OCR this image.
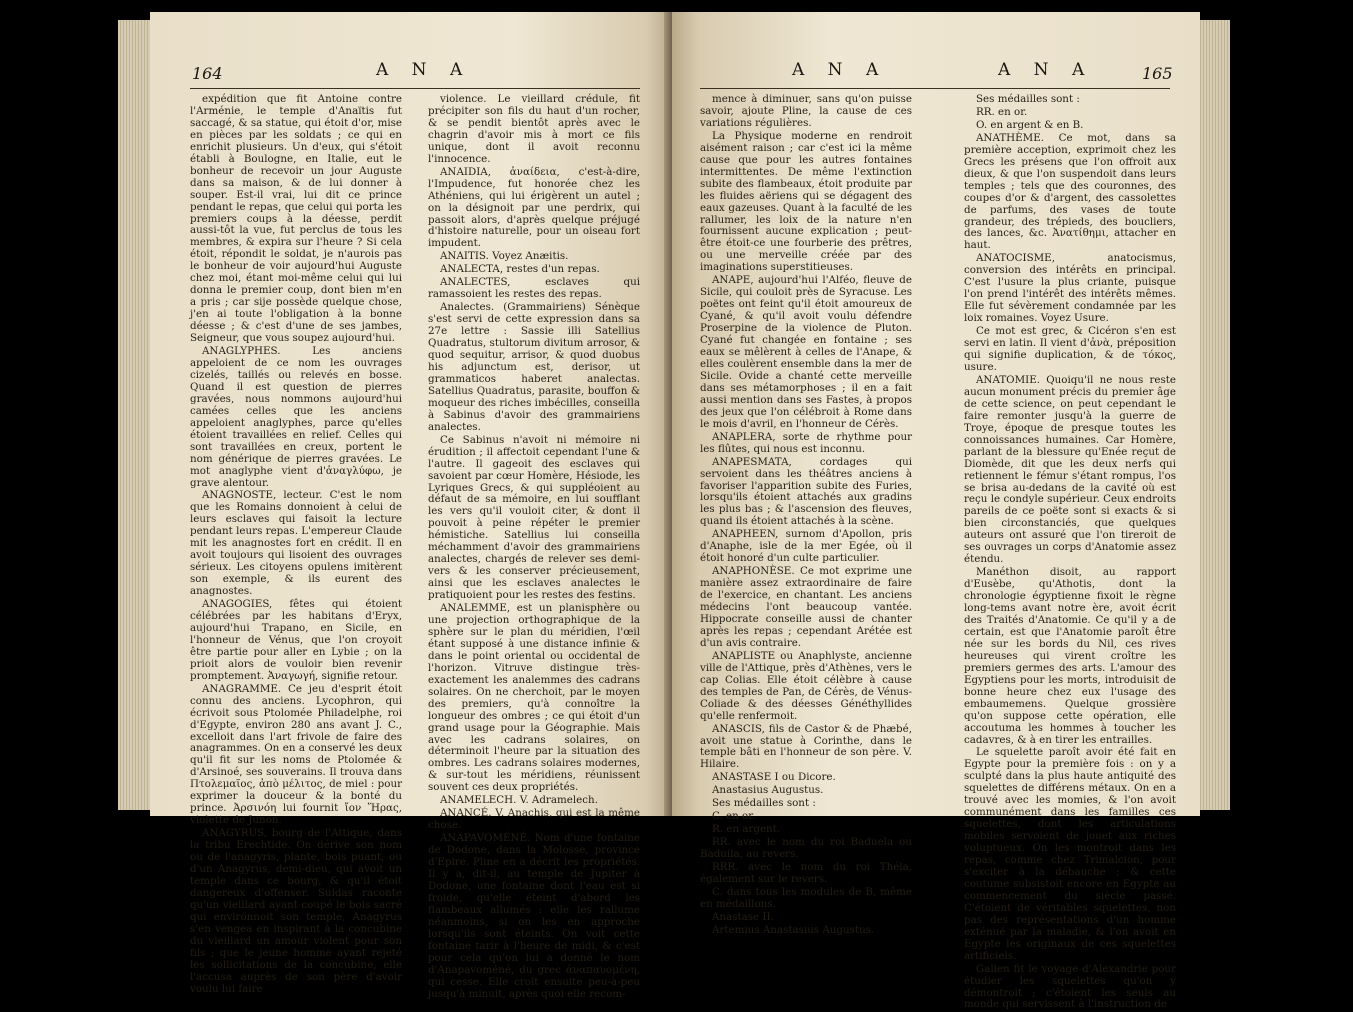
164	A N A

expédition que fit Antoine contre l'Arménie, le temple d'Anaïtis fut saccagé, & sa statue, qui étoit d'or, mise en pièces par les soldats ; ce qui en enrichit plusieurs. Un d'eux, qui s'étoit établi à Boulogne, en Italie, eut le bonheur de recevoir un jour Auguste dans sa maison, & de lui donner à souper. Est-il vrai, lui dit ce prince pendant le repas, que celui qui porta les premiers coups à la déesse, perdit aussi-tôt la vue, fut perclus de tous les membres, & expira sur l'heure ? Si cela étoit, répondit le soldat, je n'aurois pas le bonheur de voir aujourd'hui Auguste chez moi, étant moi-même celui qui lui donna le premier coup, dont bien m'en a pris ; car sije possède quelque chose, j'en ai toute l'obligation à la bonne déesse ; & c'est d'une de ses jambes, Seigneur, que vous soupez aujourd'hui.

ANAGLYPHES. Les anciens appeloient de ce nom les ouvrages cizelés, taillés ou relevés en bosse. Quand il est question de pierres gravées, nous nommons aujourd'hui camées celles que les anciens appeloient anaglyphes, parce qu'elles étoient travaillées en relief. Celles qui sont travaillées en creux, portent le nom générique de pierres gravées. Le mot anaglyphe vient d'ἀναγλύφω, je grave alentour.

ANAGNOSTE, lecteur. C'est le nom que les Romains donnoient à celui de leurs esclaves qui faisoit la lecture pendant leurs repas. L'empereur Claude mit les anagnostes fort en crédit. Il en avoit toujours qui lisoient des ouvrages sérieux. Les citoyens opulens imitèrent son exemple, & ils eurent des anagnostes.

ANAGOGIES, fêtes qui étoient célébrées par les habitans d'Eryx, aujourd'hui Trapano, en Sicile, en l'honneur de Vénus, que l'on croyoit être partie pour aller en Lybie ; on la prioit alors de vouloir bien revenir promptement. Ἀναγωγή, signifie retour.

ANAGRAMME. Ce jeu d'esprit étoit connu des anciens. Lycophron, qui écrivoit sous Ptolomée Philadelphe, roi d'Egypte, environ 280 ans avant J. C., excelloit dans l'art frivole de faire des anagrammes. On en a conservé les deux qu'il fit sur les noms de Ptolomée & d'Arsinoé, ses souverains. Il trouva dans Πτολεμαῖος, ἀπὸ μέλιτος, de miel : pour exprimer la douceur & la bonté du prince. Ἀρσινόη lui fournit ἴον Ἥρας, violette de Junon.

ANAGYRUS, bourg de l'Attique, dans la tribu Erechtide. On dérive son nom ou de l'anagyris, plante, bois puant, ou d'un Anagyrus, demi-dieu, qui avoit un temple dans ce bourg, & qu'il étoit dangereux d'offenser. Suidas raconte qu'un vieillard ayant coupé le bois sacré qui environnoit son temple, Anagyrus s'en vengea en inspirant à la concubine du vieillard un amour violent pour son fils ; que le jeune homme ayant rejeté les sollicitations de la concubine, elle l'accusa auprès de son père d'avoir voulu lui faire

violence. Le vieillard crédule, fit précipiter son fils du haut d'un rocher, & se pendit bientôt après avec le chagrin d'avoir mis à mort ce fils unique, dont il avoit reconnu l'innocence.

ANAIDIA, ἀναίδεια, c'est-à-dire, l'Impudence, fut honorée chez les Athéniens, qui lui érigèrent un autel ; on la désignoit par une perdrix, qui passoit alors, d'après quelque préjugé d'histoire naturelle, pour un oiseau fort impudent.

ANAITIS. Voyez Anæitis.

ANALECTA, restes d'un repas.

ANALECTES, esclaves qui ramassoient les restes des repas.

Analectes. (Grammairiens) Sénèque s'est servi de cette expression dans sa 27e lettre : Sassie illi Satellius Quadratus, stultorum divitum arrosor, & quod sequitur, arrisor, & quod duobus his adjunctum est, derisor, ut grammaticos haberet analectas. Satellius Quadratus, parasite, bouffon & moqueur des riches imbécilles, conseilla à Sabinus d'avoir des grammairiens analectes.

Ce Sabinus n'avoit ni mémoire ni érudition ; il affectoit cependant l'une & l'autre. Il gageoit des esclaves qui savoient par cœur Homère, Hésiode, les Lyriques Grecs, & qui suppléoient au défaut de sa mémoire, en lui soufflant les vers qu'il vouloit citer, & dont il pouvoit à peine répéter le premier hémistiche. Satellius lui conseilla méchamment d'avoir des grammairiens analectes, chargés de relever ses demi-vers & les conserver précieusement, ainsi que les esclaves analectes le pratiquoient pour les restes des festins.

ANALEMME, est un planisphère ou une projection orthographique de la sphère sur le plan du méridien, l'œil étant supposé à une distance infinie & dans le point oriental ou occidental de l'horizon. Vitruve distingue très-exactement les analemmes des cadrans solaires. On ne cherchoit, par le moyen des premiers, qu'à connoître la longueur des ombres ; ce qui étoit d'un grand usage pour la Géographie. Mais avec les cadrans solaires, on déterminoit l'heure par la situation des ombres. Les cadrans solaires modernes, & sur-tout les méridiens, réunissent souvent ces deux propriétés.

ANAMELECH. V. Adramelech.

ANANCÉ. V. Anachis, qui est la même chose.

ANAPAVOMÉNÉ. Nom d'une fontaine de Dodone, dans la Molosse, province d'Epire. Pline en a décrit les propriétés. Il y a, dit-il, au temple de Jupiter à Dodone, une fontaine dont l'eau est si froide, qu'elle éteint d'abord les flambeaux allumés : elle les rallume néanmoins, si on les en approche lorsqu'ils sont éteints. On voit cette fontaine tarir à l'heure de midi, & c'est pour cela qu'on lui a donné le nom d'Anapavoméné, du grec ἀναπαυομένη, qui cesse. Elle croît ensuite peu-à-peu jusqu'à minuit, après quoi elle recom-

A N A	A N A	165

mence à diminuer, sans qu'on puisse savoir, ajoute Pline, la cause de ces variations régulières.

La Physique moderne en rendroit aisément raison ; car c'est ici la même cause que pour les autres fontaines intermittentes. De même l'extinction subite des flambeaux, étoit produite par les fluides aëriens qui se dégagent des eaux gazeuses. Quant à la faculté de les rallumer, les loix de la nature n'en fournissent aucune explication ; peut-être étoit-ce une fourberie des prêtres, ou une merveille créée par des imaginations superstitieuses.

ANAPE, aujourd'hui l'Alféo, fleuve de Sicile, qui couloit près de Syracuse. Les poëtes ont feint qu'il étoit amoureux de Cyané, & qu'il avoit voulu défendre Proserpine de la violence de Pluton. Cyané fut changée en fontaine ; ses eaux se mêlèrent à celles de l'Anape, & elles coulèrent ensemble dans la mer de Sicile. Ovide a chanté cette merveille dans ses métamorphoses ; il en a fait aussi mention dans ses Fastes, à propos des jeux que l'on célébroit à Rome dans le mois d'avril, en l'honneur de Cérès.

ANAPLERA, sorte de rhythme pour les flûtes, qui nous est inconnu.

ANAPESMATA, cordages qui servoient dans les théâtres anciens à favoriser l'apparition subite des Furies, lorsqu'ils étoient attachés aux gradins les plus bas ; & l'ascension des fleuves, quand ils étoient attachés à la scène.

ANAPHEEN, surnom d'Apollon, pris d'Anaphe, isle de la mer Egée, où il étoit honoré d'un culte particulier.

ANAPHONÈSE. Ce mot exprime une manière assez extraordinaire de faire de l'exercice, en chantant. Les anciens médecins l'ont beaucoup vantée. Hippocrate conseille aussi de chanter après les repas ; cependant Arétée est d'un avis contraire.

ANAPLISTE ou Anaphlyste, ancienne ville de l'Attique, près d'Athènes, vers le cap Colias. Elle étoit célèbre à cause des temples de Pan, de Cérès, de Vénus-Coliade & des déesses Généthyllides qu'elle renfermoit.

ANASCIS, fils de Castor & de Phæbé, avoit une statue à Corinthe, dans le temple bâti en l'honneur de son père. V. Hilaire.

ANASTASE I ou Dicore.

Anastasius Augustus.

Ses médailles sont :

C. en or.

R. en argent.

RR. avec le nom du roi Baduela ou Baduila, au revers.

RRR. avec le nom du roi Théla, également sur le revers.

C. dans tous les modules de B, même en médaillons.

Anastase II.

Artemius Anastasius Augustus.

Ses médailles sont :

RR. en or.

O. en argent & en B.

ANATHÈME. Ce mot, dans sa première acception, exprimoit chez les Grecs les présens que l'on offroit aux dieux, & que l'on suspendoit dans leurs temples ; tels que des couronnes, des coupes d'or & d'argent, des cassolettes de parfums, des vases de toute grandeur, des trépieds, des boucliers, des lances, &c. Ἀνατίθημι, attacher en haut.

ANATOCISME, anatocismus, conversion des intérêts en principal. C'est l'usure la plus criante, puisque l'on prend l'intérêt des intérêts mêmes. Elle fut sévèrement condamnée par les loix romaines. Voyez Usure.

Ce mot est grec, & Cicéron s'en est servi en latin. Il vient d'ἀνὰ, préposition qui signifie duplication, & de τόκος, usure.

ANATOMIE. Quoiqu'il ne nous reste aucun monument précis du premier âge de cette science, on peut cependant le faire remonter jusqu'à la guerre de Troye, époque de presque toutes les connoissances humaines. Car Homère, parlant de la blessure qu'Enée reçut de Diomède, dit que les deux nerfs qui retiennent le fémur s'étant rompus, l'os se brisa au-dedans de la cavité où est reçu le condyle supérieur. Ceux endroits pareils de ce poëte sont si exacts & si bien circonstanciés, que quelques auteurs ont assuré que l'on tireroit de ses ouvrages un corps d'Anatomie assez étendu.

Manéthon disoit, au rapport d'Eusèbe, qu'Athotis, dont la chronologie égyptienne fixoit le règne long-tems avant notre ère, avoit écrit des Traités d'Anatomie. Ce qu'il y a de certain, est que l'Anatomie paroît être née sur les bords du Nil, ces rives heureuses qui virent croître les premiers germes des arts. L'amour des Egyptiens pour les morts, introduisit de bonne heure chez eux l'usage des embaumemens. Quelque grossière qu'on suppose cette opération, elle accoutuma les hommes à toucher les cadavres, & à en tirer les entrailles.

Le squelette paroît avoir été fait en Egypte pour la première fois : on y a sculpté dans la plus haute antiquité des squelettes de différens métaux. On en a trouvé avec les momies, & l'on avoit communément dans les familles ces squelettes, dont les articulations mobiles servoient de jouet aux riches voluptueux. On les montroit dans les repas, comme chez Trimalcion, pour s'exciter à la débauche ; & cette coutume subsistoit encore en Egypte au commencement du siècle passé. C'étoient de véritables squelettes, non pas des représentations d'un homme exténué par la maladie, & l'on avoit en Egypte les originaux de ces squelettes artificiels.

Galien fit le voyage d'Alexandrie pour étudier les squelettes qu'on y démontroit ; c'étoient les seuls au monde qui servissent à l'instruction de
